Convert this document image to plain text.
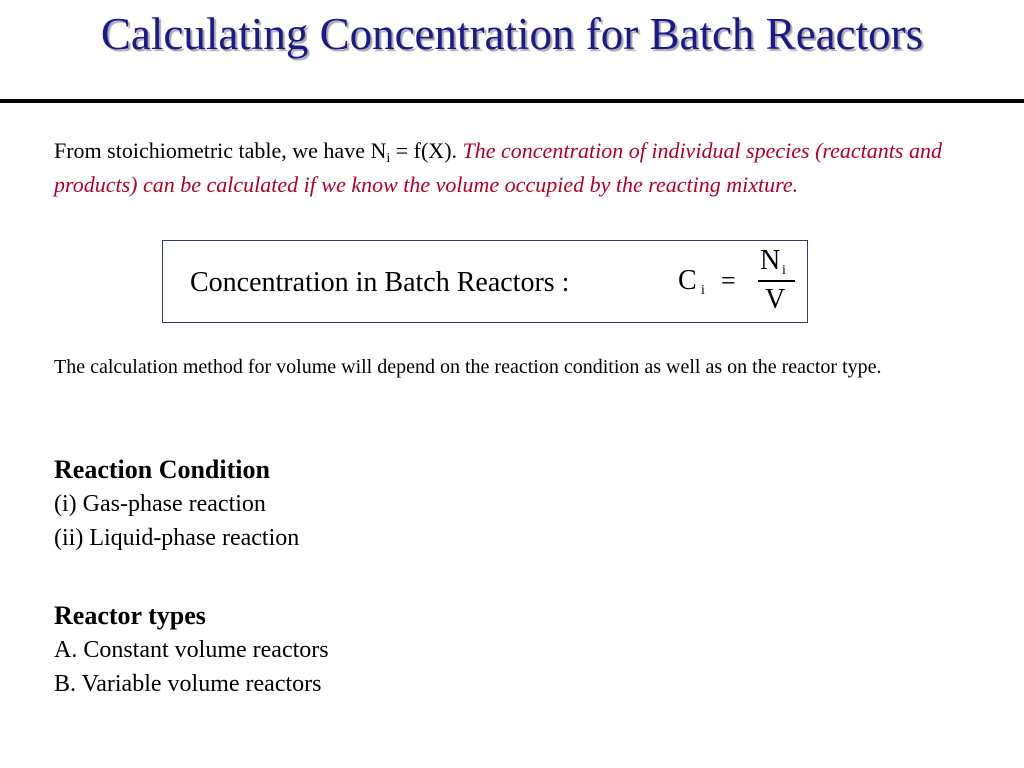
Calculating Concentration for Batch Reactors

From stoichiometric table, we have $N_i = f(X)$. The concentration of individual species (reactants and products) can be calculated if we know the volume occupied by the reacting mixture.

Concentration in Batch Reactors :	C i =
N i
V

The calculation method for volume will depend on the reaction condition as well as on the reactor type.

Reaction Condition
(i) Gas-phase reaction
(ii) Liquid-phase reaction
Reactor types
A. Constant volume reactors
B. Variable volume reactors
